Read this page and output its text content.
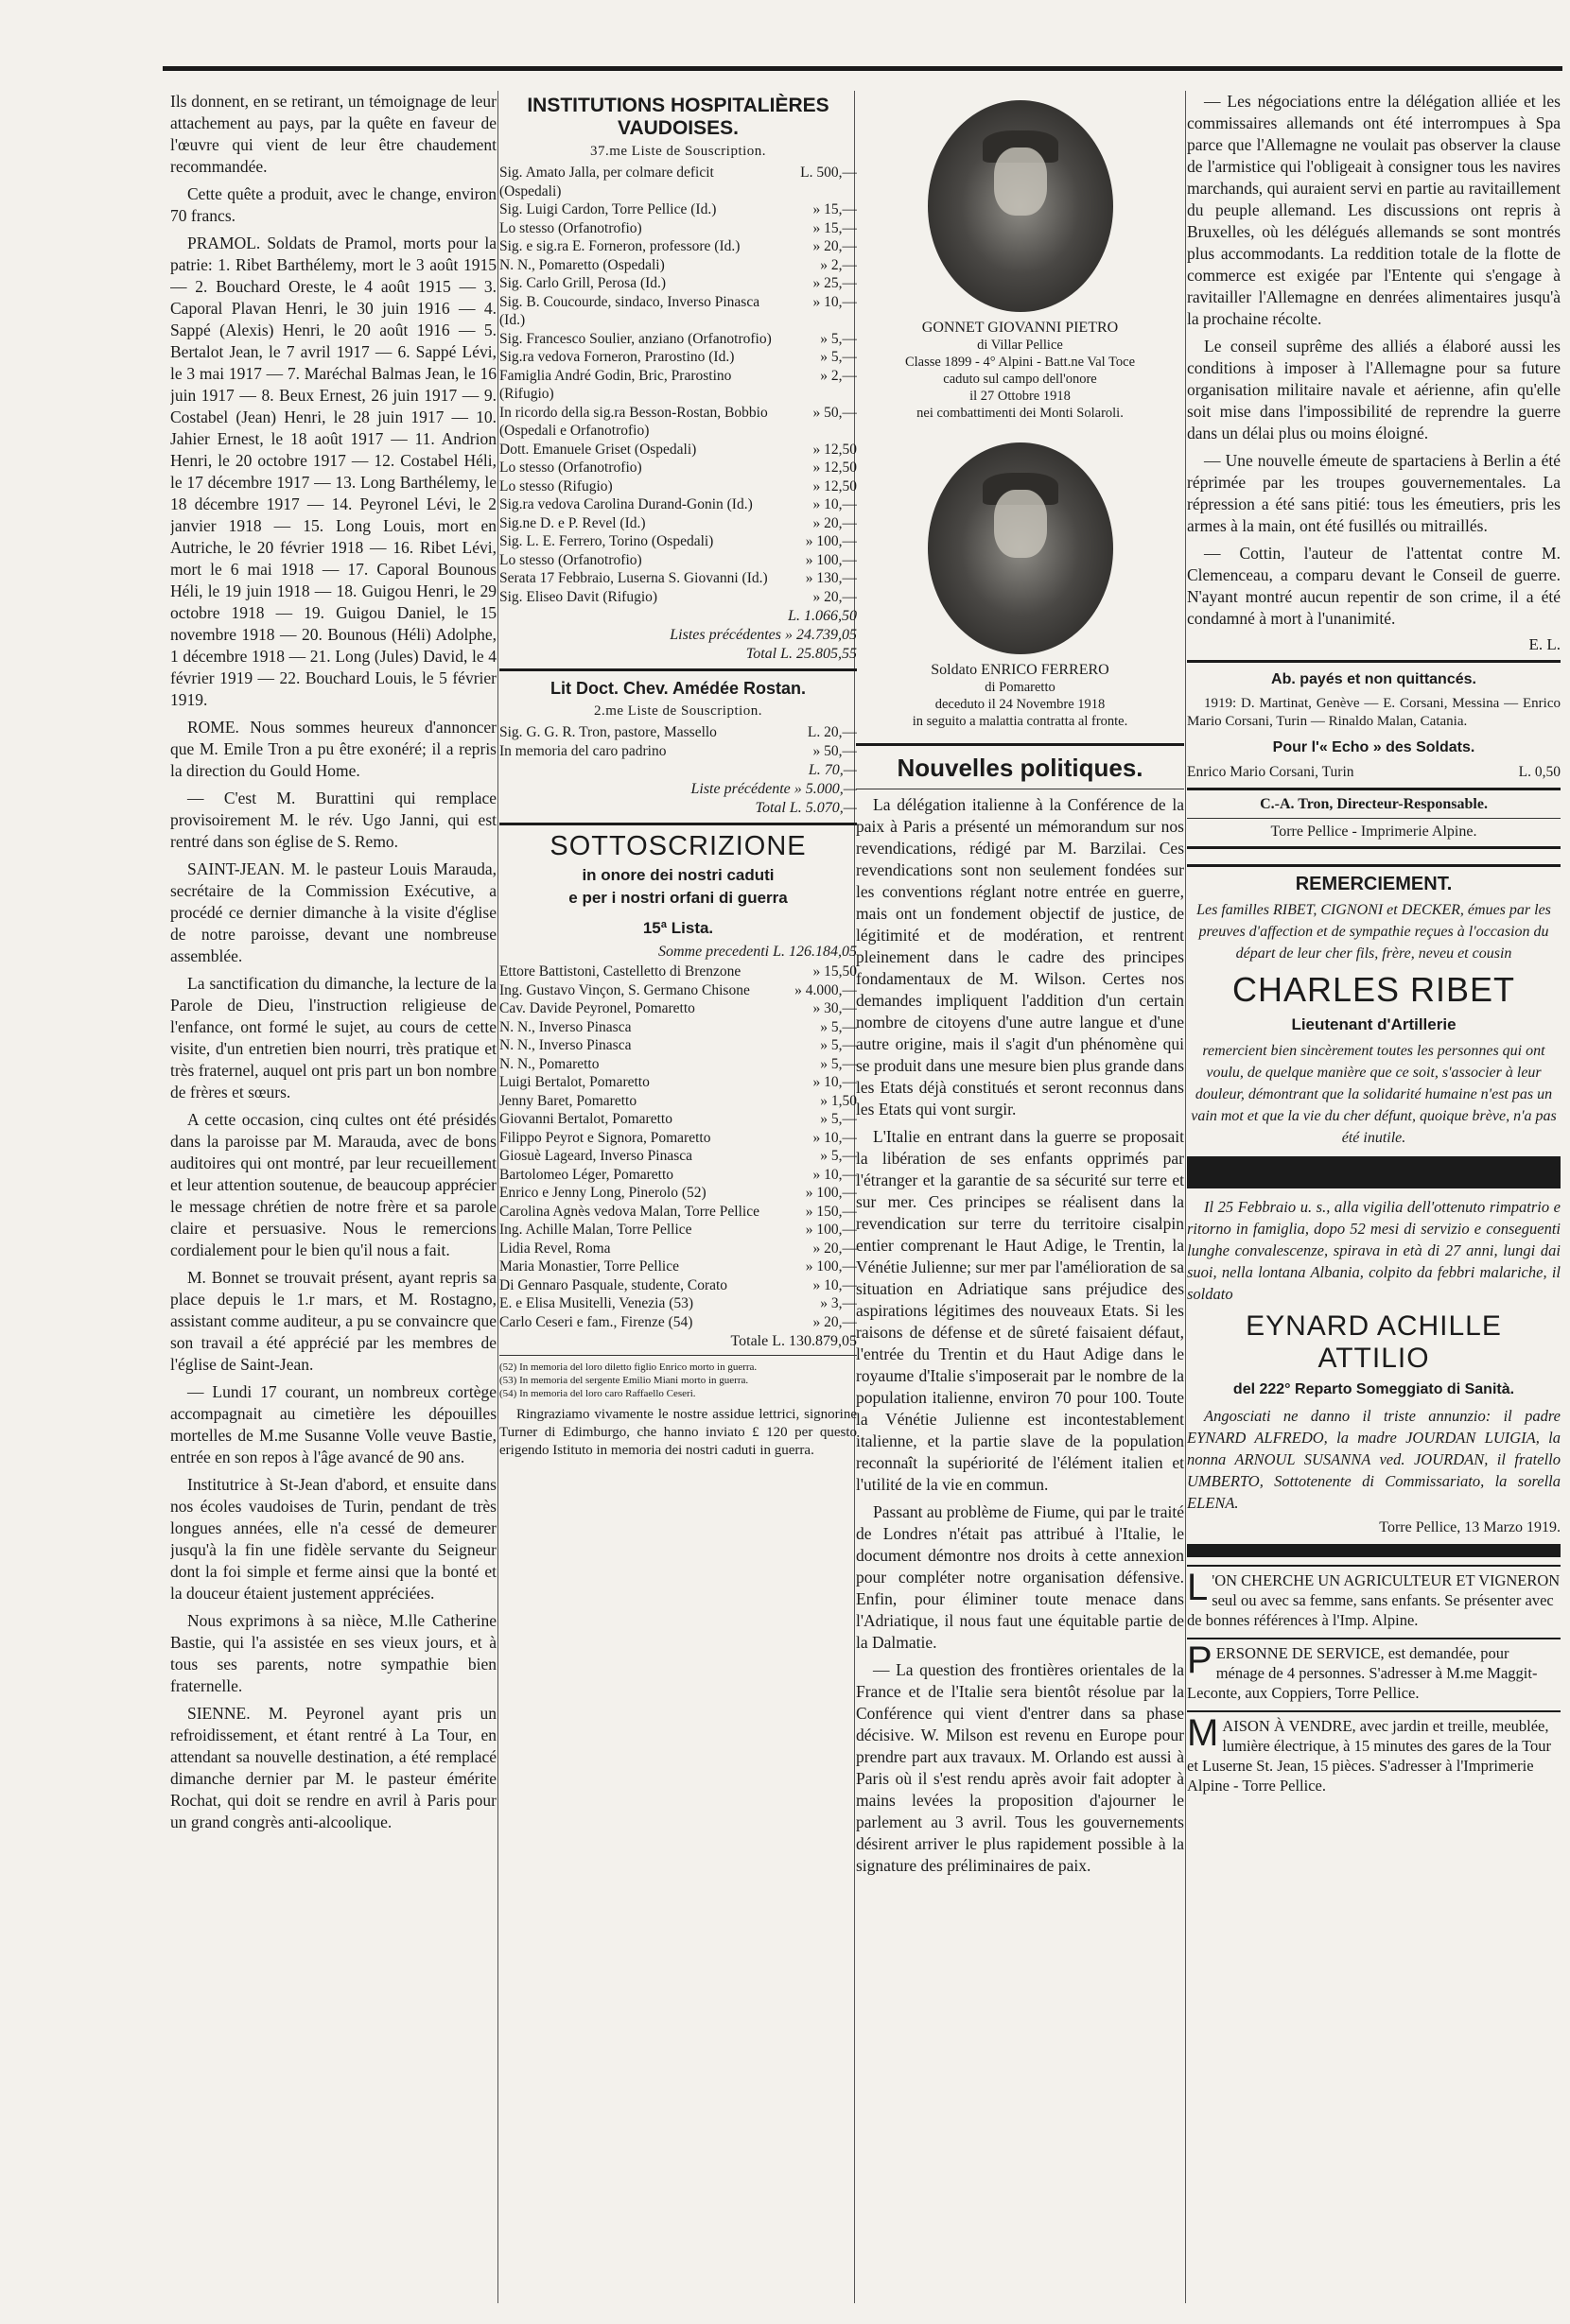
Ils donnent, en se retirant, un témoignage de leur attachement au pays, par la quête en faveur de l'œuvre qui vient de leur être chaudement recommandée.

Cette quête a produit, avec le change, environ 70 francs.

PRAMOL. Soldats de Pramol, morts pour la patrie: 1. Ribet Barthélemy, mort le 3 août 1915 — 2. Bouchard Oreste, le 4 août 1915 — 3. Caporal Plavan Henri, le 30 juin 1916 — 4. Sappé (Alexis) Henri, le 20 août 1916 — 5. Bertalot Jean, le 7 avril 1917 — 6. Sappé Lévi, le 3 mai 1917 — 7. Maréchal Balmas Jean, le 16 juin 1917 — 8. Beux Ernest, 26 juin 1917 — 9. Costabel (Jean) Henri, le 28 juin 1917 — 10. Jahier Ernest, le 18 août 1917 — 11. Andrion Henri, le 20 octobre 1917 — 12. Costabel Héli, le 17 décembre 1917 — 13. Long Barthélemy, le 18 décembre 1917 — 14. Peyronel Lévi, le 2 janvier 1918 — 15. Long Louis, mort en Autriche, le 20 février 1918 — 16. Ribet Lévi, mort le 6 mai 1918 — 17. Caporal Bounous Héli, le 19 juin 1918 — 18. Guigou Henri, le 29 octobre 1918 — 19. Guigou Daniel, le 15 novembre 1918 — 20. Bounous (Héli) Adolphe, 1 décembre 1918 — 21. Long (Jules) David, le 4 février 1919 — 22. Bouchard Louis, le 5 février 1919.

ROME. Nous sommes heureux d'annoncer que M. Emile Tron a pu être exonéré; il a repris la direction du Gould Home.

— C'est M. Burattini qui remplace provisoirement M. le rév. Ugo Janni, qui est rentré dans son église de S. Remo.

SAINT-JEAN. M. le pasteur Louis Marauda, secrétaire de la Commission Exécutive, a procédé ce dernier dimanche à la visite d'église de notre paroisse, devant une nombreuse assemblée.

La sanctification du dimanche, la lecture de la Parole de Dieu, l'instruction religieuse de l'enfance, ont formé le sujet, au cours de cette visite, d'un entretien bien nourri, très pratique et très fraternel, auquel ont pris part un bon nombre de frères et sœurs.

A cette occasion, cinq cultes ont été présidés dans la paroisse par M. Marauda, avec de bons auditoires qui ont montré, par leur recueillement et leur attention soutenue, de beaucoup apprécier le message chrétien de notre frère et sa parole claire et persuasive. Nous le remercions cordialement pour le bien qu'il nous a fait.

M. Bonnet se trouvait présent, ayant repris sa place depuis le 1.r mars, et M. Rostagno, assistant comme auditeur, a pu se convaincre que son travail a été apprécié par les membres de l'église de Saint-Jean.

— Lundi 17 courant, un nombreux cortège accompagnait au cimetière les dépouilles mortelles de M.me Susanne Volle veuve Bastie, entrée en son repos à l'âge avancé de 90 ans.

Institutrice à St-Jean d'abord, et ensuite dans nos écoles vaudoises de Turin, pendant de très longues années, elle n'a cessé de demeurer jusqu'à la fin une fidèle servante du Seigneur dont la foi simple et ferme ainsi que la bonté et la douceur étaient justement appréciées.

Nous exprimons à sa nièce, M.lle Catherine Bastie, qui l'a assistée en ses vieux jours, et à tous ses parents, notre sympathie bien fraternelle.

SIENNE. M. Peyronel ayant pris un refroidissement, et étant rentré à La Tour, en attendant sa nouvelle destination, a été remplacé dimanche dernier par M. le pasteur émérite Rochat, qui doit se rendre en avril à Paris pour un grand congrès anti-alcoolique.

INSTITUTIONS HOSPITALIÈRES VAUDOISES.
37.me Liste de Souscription.
Sig. Amato Jalla, per colmare deficit (Ospedali)
L. 500,—
Sig. Luigi Cardon, Torre Pellice (Id.)	» 15,—
Lo stesso (Orfanotrofio)	» 15,—
Sig. e sig.ra E. Forneron, professore (Id.)	» 20,—
N. N., Pomaretto (Ospedali)	» 2,—
Sig. Carlo Grill, Perosa (Id.)	» 25,—
Sig. B. Coucourde, sindaco, Inverso Pinasca (Id.)
» 10,—
Sig. Francesco Soulier, anziano (Orfanotrofio)	» 5,—
Sig.ra vedova Forneron, Prarostino (Id.)	» 5,—
Famiglia André Godin, Bric, Prarostino (Rifugio)
» 2,—
In ricordo della sig.ra Besson-Rostan, Bobbio (Ospedali e Orfanotrofio)
» 50,—
Dott. Emanuele Griset (Ospedali)	» 12,50
Lo stesso (Orfanotrofio)	» 12,50
Lo stesso (Rifugio)	» 12,50
Sig.ra vedova Carolina Durand-Gonin (Id.)	» 10,—
Sig.ne D. e P. Revel (Id.)	» 20,—
Sig. L. E. Ferrero, Torino (Ospedali)	» 100,—
Lo stesso (Orfanotrofio)	» 100,—
Serata 17 Febbraio, Luserna S. Giovanni (Id.)	» 130,—
Sig. Eliseo Davit (Rifugio)	» 20,—
L. 1.066,50
Listes précédentes » 24.739,05
Total L. 25.805,55
Lit Doct. Chev. Amédée Rostan.
2.me Liste de Souscription.
Sig. G. G. R. Tron, pastore, Massello	L. 20,—
In memoria del caro padrino	» 50,—
L. 70,—
Liste précédente » 5.000,—
Total L. 5.070,—
SOTTOSCRIZIONE
in onore dei nostri caduti
e per i nostri orfani di guerra
15ª Lista.
Somme precedenti L. 126.184,05
Ettore Battistoni, Castelletto di Brenzone	» 15,50
Ing. Gustavo Vinçon, S. Germano Chisone	» 4.000,—
Cav. Davide Peyronel, Pomaretto	» 30,—
N. N., Inverso Pinasca	» 5,—
N. N., Inverso Pinasca	» 5,—
N. N., Pomaretto	» 5,—
Luigi Bertalot, Pomaretto	» 10,—
Jenny Baret, Pomaretto	» 1,50
Giovanni Bertalot, Pomaretto	» 5,—
Filippo Peyrot e Signora, Pomaretto	» 10,—
Giosuè Lageard, Inverso Pinasca	» 5,—
Bartolomeo Léger, Pomaretto	» 10,—
Enrico e Jenny Long, Pinerolo (52)	» 100,—
Carolina Agnès vedova Malan, Torre Pellice	» 150,—
Ing. Achille Malan, Torre Pellice	» 100,—
Lidia Revel, Roma	» 20,—
Maria Monastier, Torre Pellice	» 100,—
Di Gennaro Pasquale, studente, Corato	» 10,—
E. e Elisa Musitelli, Venezia (53)	» 3,—
Carlo Ceseri e fam., Firenze (54)	» 20,—
Totale L. 130.879,05
(52) In memoria del loro diletto figlio Enrico morto in guerra.
(53) In memoria del sergente Emilio Miani morto in guerra.
(54) In memoria del loro caro Raffaello Ceseri.

Ringraziamo vivamente le nostre assidue lettrici, signorine Turner di Edimburgo, che hanno inviato £ 120 per questo erigendo Istituto in memoria dei nostri caduti in guerra.

GONNET GIOVANNI PIETRO
di Villar Pellice
Classe 1899 - 4° Alpini - Batt.ne Val Toce
caduto sul campo dell'onore
il 27 Ottobre 1918
nei combattimenti dei Monti Solaroli.
Soldato ENRICO FERRERO
di Pomaretto
deceduto il 24 Novembre 1918
in seguito a malattia contratta al fronte.
Nouvelles politiques.

La délégation italienne à la Conférence de la paix à Paris a présenté un mémorandum sur nos revendications, rédigé par M. Barzilai. Ces revendications sont non seulement fondées sur les conventions réglant notre entrée en guerre, mais ont un fondement objectif de justice, de légitimité et de modération, et rentrent pleinement dans le cadre des principes fondamentaux de M. Wilson. Certes nos demandes impliquent l'addition d'un certain nombre de citoyens d'une autre langue et d'une autre origine, mais il s'agit d'un phénomène qui se produit dans une mesure bien plus grande dans les Etats déjà constitués et seront reconnus dans les Etats qui vont surgir.

L'Italie en entrant dans la guerre se proposait la libération de ses enfants opprimés par l'étranger et la garantie de sa sécurité sur terre et sur mer. Ces principes se réalisent dans la revendication sur terre du territoire cisalpin entier comprenant le Haut Adige, le Trentin, la Vénétie Julienne; sur mer par l'amélioration de sa situation en Adriatique sans préjudice des aspirations légitimes des nouveaux Etats. Si les raisons de défense et de sûreté faisaient défaut, l'entrée du Trentin et du Haut Adige dans le royaume d'Italie s'imposerait par le nombre de la population italienne, environ 70 pour 100. Toute la Vénétie Julienne est incontestablement italienne, et la partie slave de la population reconnaît la supériorité de l'élément italien et l'utilité de la vie en commun.

Passant au problème de Fiume, qui par le traité de Londres n'était pas attribué à l'Italie, le document démontre nos droits à cette annexion pour compléter notre organisation défensive. Enfin, pour éliminer toute menace dans l'Adriatique, il nous faut une équitable partie de la Dalmatie.

— La question des frontières orientales de la France et de l'Italie sera bientôt résolue par la Conférence qui vient d'entrer dans sa phase décisive. W. Milson est revenu en Europe pour prendre part aux travaux. M. Orlando est aussi à Paris où il s'est rendu après avoir fait adopter à mains levées la proposition d'ajourner le parlement au 3 avril. Tous les gouvernements désirent arriver le plus rapidement possible à la signature des préliminaires de paix.

— Les négociations entre la délégation alliée et les commissaires allemands ont été interrompues à Spa parce que l'Allemagne ne voulait pas observer la clause de l'armistice qui l'obligeait à consigner tous les navires marchands, qui auraient servi en partie au ravitaillement du peuple allemand. Les discussions ont repris à Bruxelles, où les délégués allemands se sont montrés plus accommodants. La reddition totale de la flotte de commerce est exigée par l'Entente qui s'engage à ravitailler l'Allemagne en denrées alimentaires jusqu'à la prochaine récolte.

Le conseil suprême des alliés a élaboré aussi les conditions à imposer à l'Allemagne pour sa future organisation militaire navale et aérienne, afin qu'elle soit mise dans l'impossibilité de reprendre la guerre dans un délai plus ou moins éloigné.

— Une nouvelle émeute de spartaciens à Berlin a été réprimée par les troupes gouvernementales. La répression a été sans pitié: tous les émeutiers, pris les armes à la main, ont été fusillés ou mitraillés.

— Cottin, l'auteur de l'attentat contre M. Clemenceau, a comparu devant le Conseil de guerre. N'ayant montré aucun repentir de son crime, il a été condamné à mort à l'unanimité.

E. L.
Ab. payés et non quittancés.

1919: D. Martinat, Genève — E. Corsani, Messina — Enrico Mario Corsani, Turin — Rinaldo Malan, Catania.

Pour l'« Echo » des Soldats.
Enrico Mario Corsani, Turin	L. 0,50
C.-A. Tron, Directeur-Responsable.
Torre Pellice - Imprimerie Alpine.
REMERCIEMENT.

Les familles RIBET, CIGNONI et DECKER, émues par les preuves d'affection et de sympathie reçues à l'occasion du départ de leur cher fils, frère, neveu et cousin

CHARLES RIBET
Lieutenant d'Artillerie

remercient bien sincèrement toutes les personnes qui ont voulu, de quelque manière que ce soit, s'associer à leur douleur, démontrant que la solidarité humaine n'est pas un vain mot et que la vie du cher défunt, quoique brève, n'a pas été inutile.

Il 25 Febbraio u. s., alla vigilia dell'ottenuto rimpatrio e ritorno in famiglia, dopo 52 mesi di servizio e conseguenti lunghe convalescenze, spirava in età di 27 anni, lungi dai suoi, nella lontana Albania, colpito da febbri malariche, il soldato

EYNARD ACHILLE ATTILIO
del 222° Reparto Someggiato di Sanità.

Angosciati ne danno il triste annunzio: il padre EYNARD ALFREDO, la madre JOURDAN LUIGIA, la nonna ARNOUL SUSANNA ved. JOURDAN, il fratello UMBERTO, Sottotenente di Commissariato, la sorella ELENA.

Torre Pellice, 13 Marzo 1919.
L 'ON CHERCHE UN AGRICULTEUR ET VIGNERON seul ou avec sa femme, sans enfants. Se présenter avec de bonnes références à l'Imp. Alpine.
PERSONNE DE SERVICE, est demandée, pour ménage de 4 personnes. S'adresser à M.me Maggit-Leconte, aux Coppiers, Torre Pellice.
MAISON À VENDRE, avec jardin et treille, meublée, lumière électrique, à 15 minutes des gares de la Tour et Luserne St. Jean, 15 pièces. S'adresser à l'Imprimerie Alpine - Torre Pellice.
